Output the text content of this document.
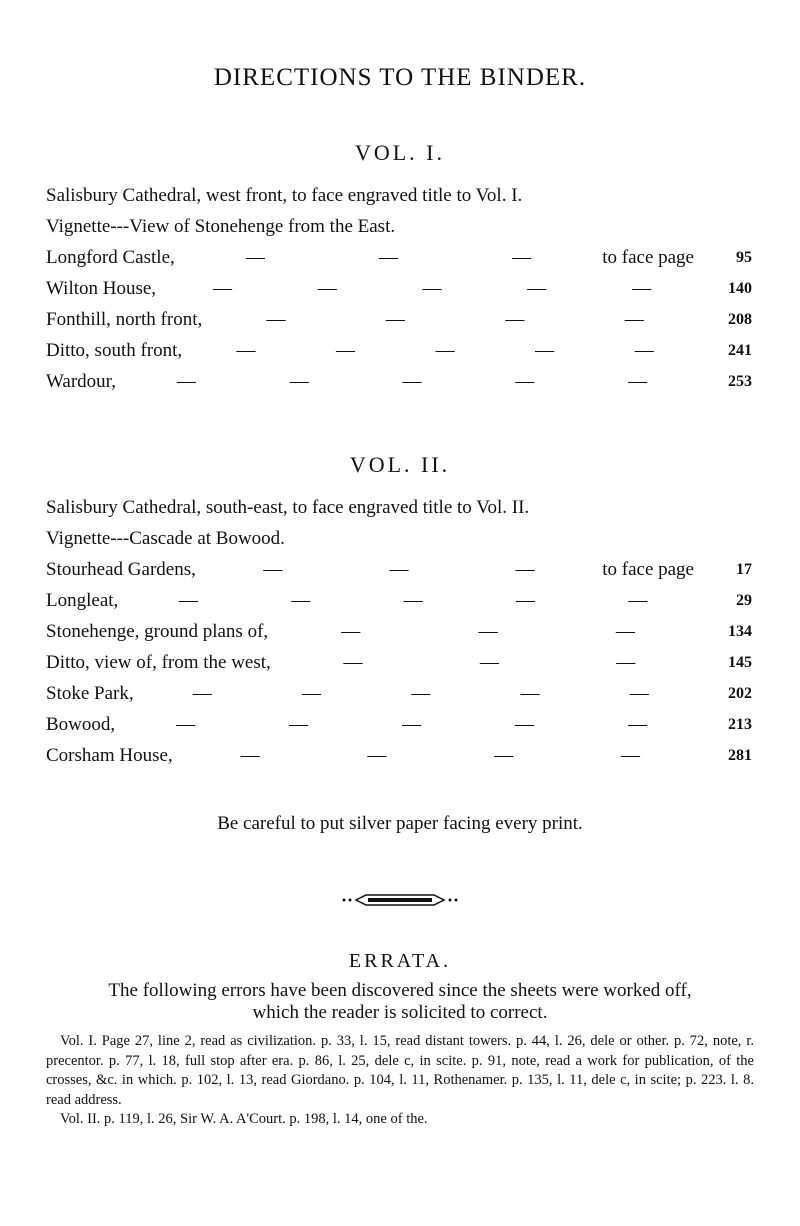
DIRECTIONS TO THE BINDER.
VOL. I.
Salisbury Cathedral, west front, to face engraved title to Vol. I.
Vignette---View of Stonehenge from the East.
Longford Castle,	—	—	—	to face page	95
Wilton House,	—	—	—	—	—	140
Fonthill, north front,	—	—	—	—	208
Ditto, south front,	—	—	—	—	—	241
Wardour,	—	—	—	—	—	253
VOL. II.
Salisbury Cathedral, south-east, to face engraved title to Vol. II.
Vignette---Cascade at Bowood.
Stourhead Gardens,	—	—	—	to face page	17
Longleat,	—	—	—	—	—	29
Stonehenge, ground plans of,	—	—	—	134
Ditto, view of, from the west,	—	—	—	145
Stoke Park,	—	—	—	—	—	202
Bowood,	—	—	—	—	—	213
Corsham House,	—	—	—	—	281
Be careful to put silver paper facing every print.
ERRATA.
The following errors have been discovered since the sheets were worked off,
which the reader is solicited to correct.

Vol. I. Page 27, line 2, read as civilization. p. 33, l. 15, read distant towers. p. 44, l. 26, dele or other. p. 72, note, r. precentor. p. 77, l. 18, full stop after era. p. 86, l. 25, dele c, in scite. p. 91, note, read a work for publication, of the crosses, &c. in which. p. 102, l. 13, read Giordano. p. 104, l. 11, Rothenamer. p. 135, l. 11, dele c, in scite; p. 223. l. 8. read address.

Vol. II. p. 119, l. 26, Sir W. A. A'Court. p. 198, l. 14, one of the.
